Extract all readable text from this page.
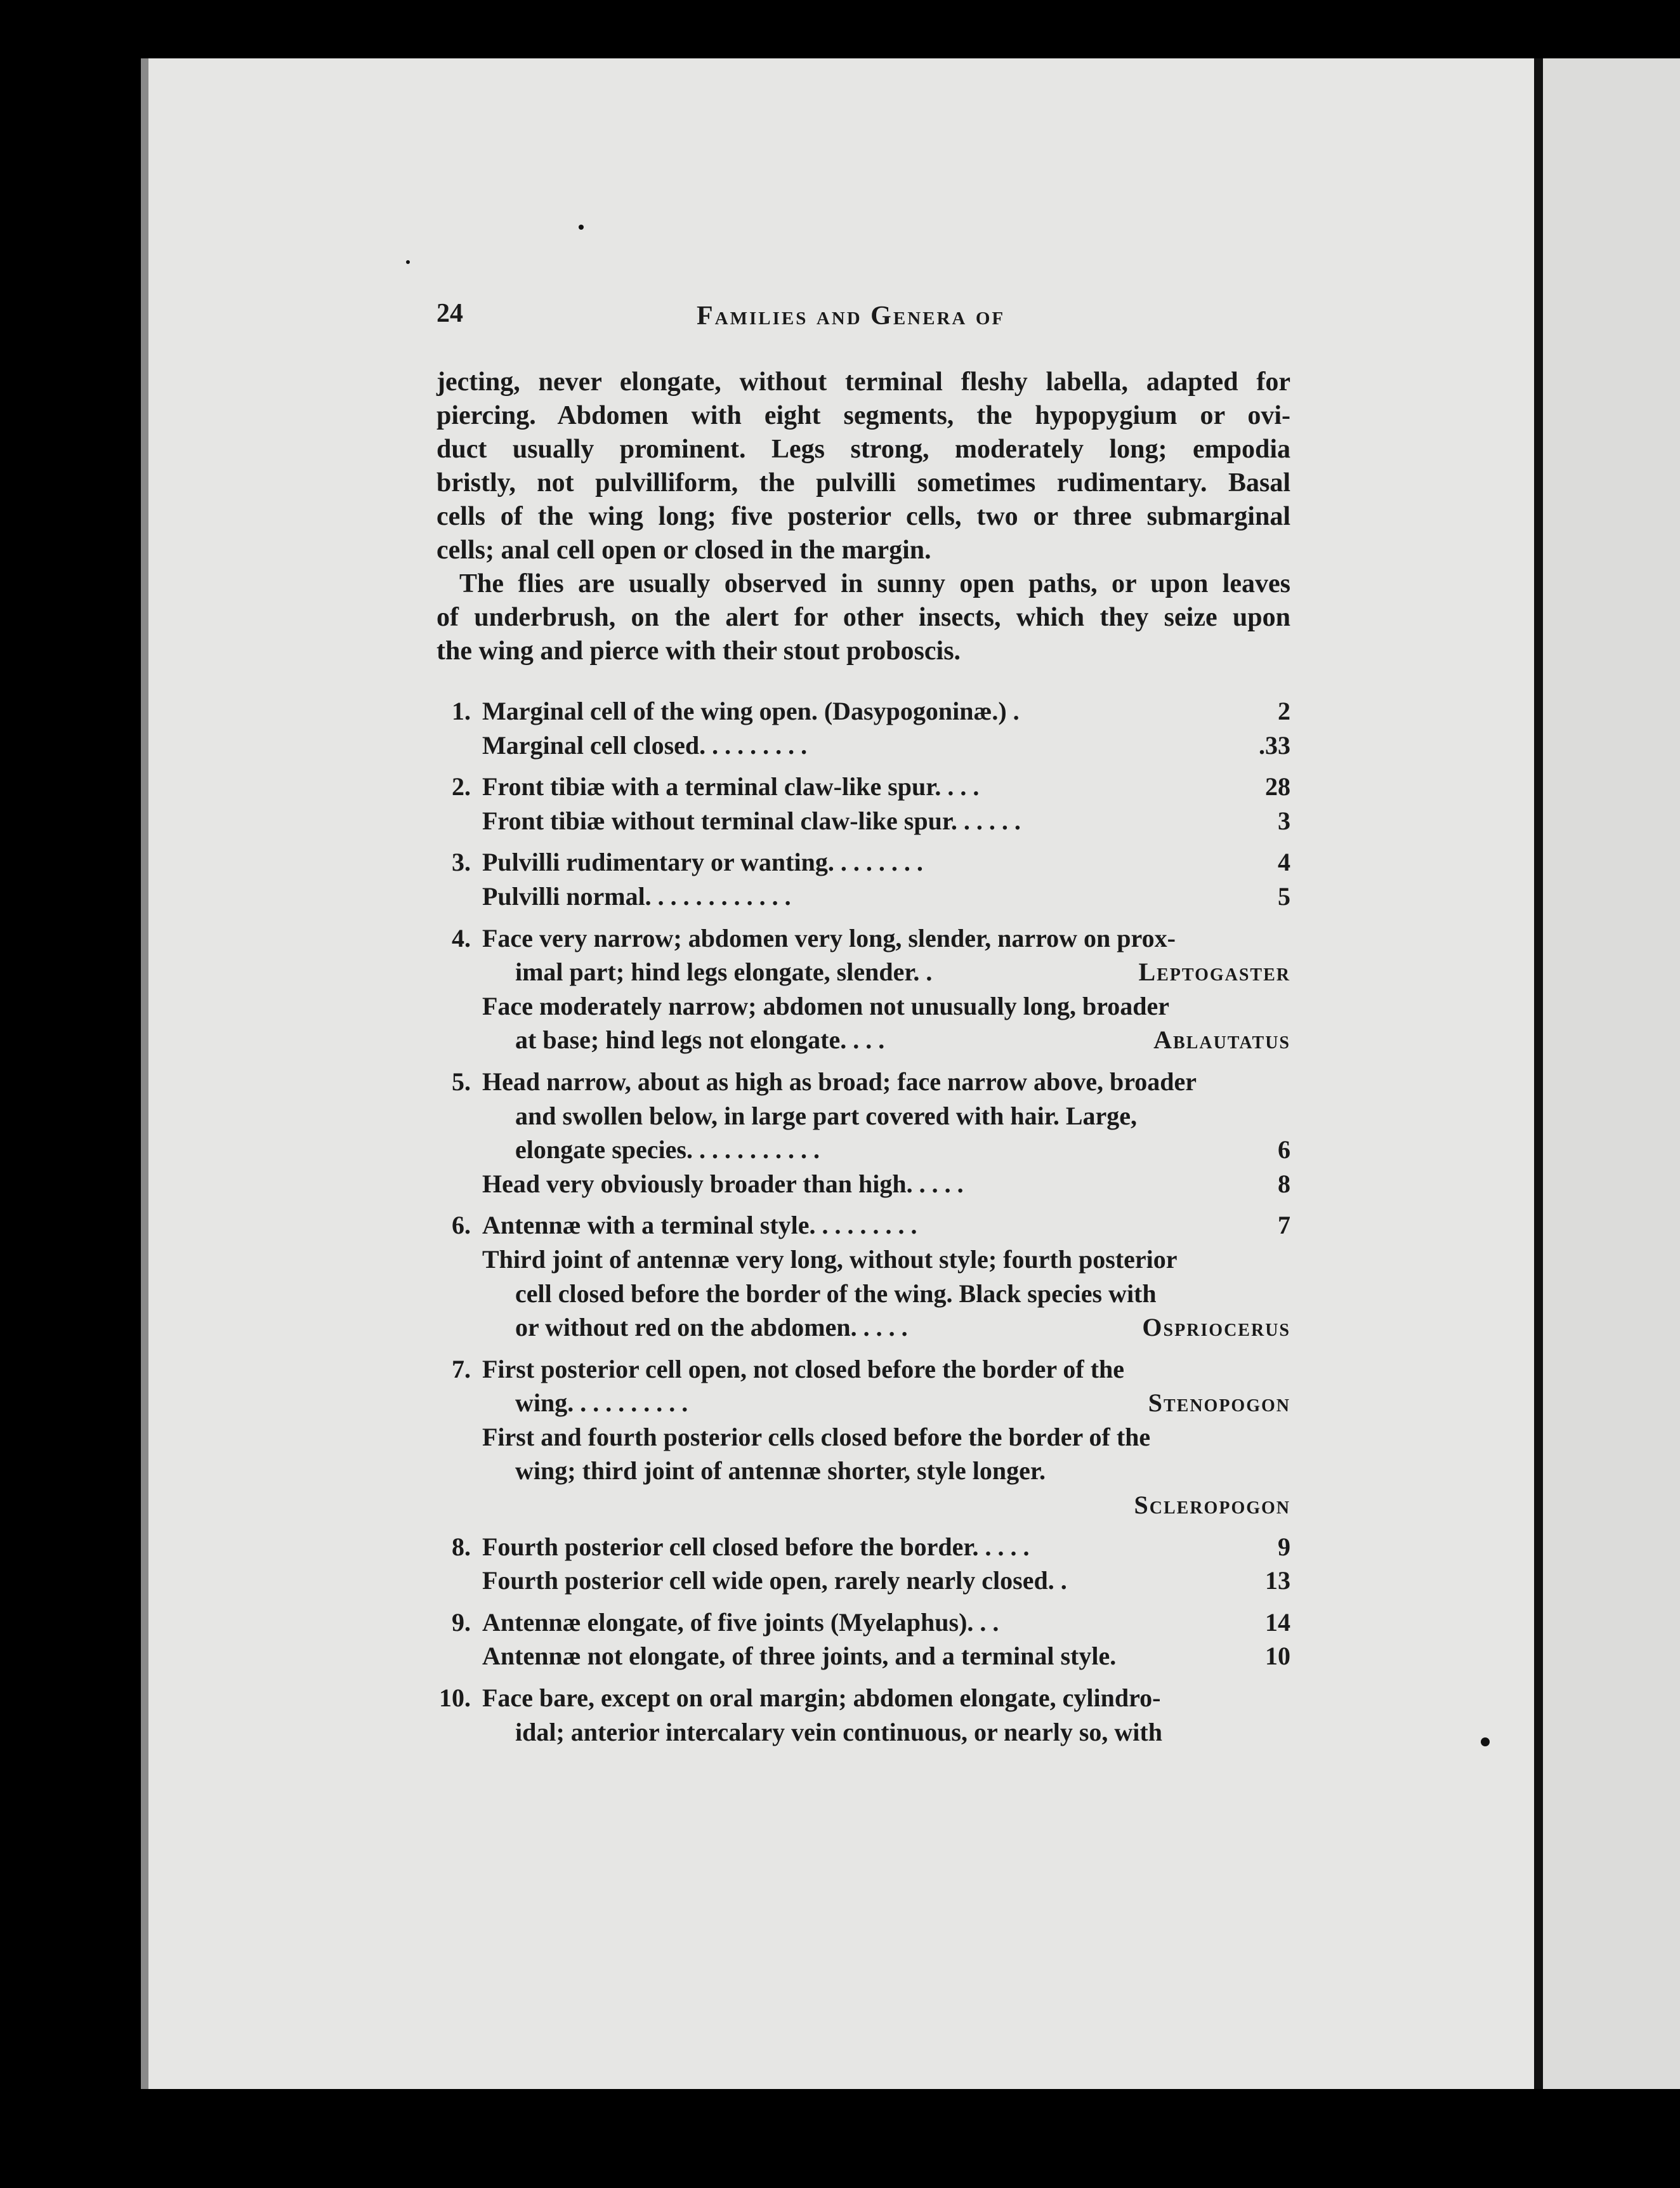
24	Families and Genera of
jecting, never elongate, without terminal fleshy labella, adapted for
piercing. Abdomen with eight segments, the hypopygium or ovi-
duct usually prominent. Legs strong, moderately long; empodia
bristly, not pulvilliform, the pulvilli sometimes rudimentary. Basal
cells of the wing long; five posterior cells, two or three submarginal
cells; anal cell open or closed in the margin.
The flies are usually observed in sunny open paths, or upon leaves
of underbrush, on the alert for other insects, which they seize upon
the wing and pierce with their stout proboscis.
1. Marginal cell of the wing open. (Dasypogoninæ.) .	2
Marginal cell closed. . . . . . . . .	.33
2. Front tibiæ with a terminal claw-like spur. . . .	28
Front tibiæ without terminal claw-like spur. . . . . .	3
3. Pulvilli rudimentary or wanting. . . . . . . .	4
Pulvilli normal. . . . . . . . . . . .	5
4. Face very narrow; abdomen very long, slender, narrow on prox-
imal part; hind legs elongate, slender. .	Leptogaster
Face moderately narrow; abdomen not unusually long, broader
at base; hind legs not elongate. . . .	Ablautatus
5. Head narrow, about as high as broad; face narrow above, broader
and swollen below, in large part covered with hair. Large,
elongate species. . . . . . . . . . .	6
Head very obviously broader than high. . . . .	8
6. Antennæ with a terminal style. . . . . . . . .	7
Third joint of antennæ very long, without style; fourth posterior
cell closed before the border of the wing. Black species with
or without red on the abdomen. . . . .	Ospriocerus
7. First posterior cell open, not closed before the border of the
wing. . . . . . . . . .	Stenopogon
First and fourth posterior cells closed before the border of the
wing; third joint of antennæ shorter, style longer.
Scleropogon
8. Fourth posterior cell closed before the border. . . . .	9
Fourth posterior cell wide open, rarely nearly closed. .	13
9. Antennæ elongate, of five joints (Myelaphus). . .	14
Antennæ not elongate, of three joints, and a terminal style.	10
10. Face bare, except on oral margin; abdomen elongate, cylindro-
idal; anterior intercalary vein continuous, or nearly so, with
